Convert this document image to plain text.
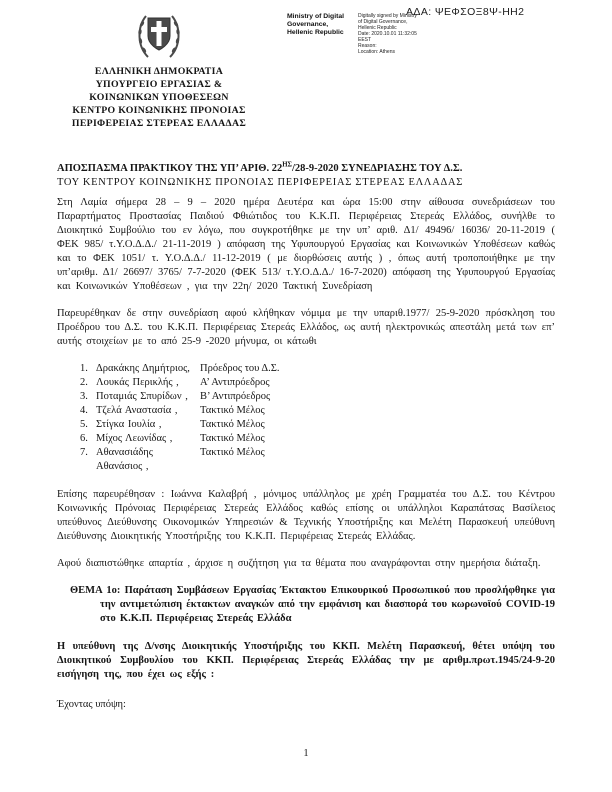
ΑΔΑ: ΨΕΦΣΟΞ8Ψ-ΗΗ2
ΕΛΛΗΝΙΚΗ ΔΗΜΟΚΡΑΤΙΑ
ΥΠΟΥΡΓΕΙΟ ΕΡΓΑΣΙΑΣ &
ΚΟΙΝΩΝΙΚΩΝ ΥΠΟΘΕΣΕΩΝ
ΚΕΝΤΡΟ ΚΟΙΝΩΝΙΚΗΣ ΠΡΟΝΟΙΑΣ
ΠΕΡΙΦΕΡΕΙΑΣ ΣΤΕΡΕΑΣ ΕΛΛΑΔΑΣ
Ministry of Digital
Governance,
Hellenic Republic
Digitally signed by Ministry
of Digital Governance,
Hellenic Republic
Date: 2020.10.01 11:32:05
EEST
Reason:
Location: Athens

ΑΠΟΣΠΑΣΜΑ ΠΡΑΚΤΙΚΟΥ ΤΗΣ ΥΠ’ ΑΡΙΘ. $22^{H\Sigma}/28-9-2020$ ΣΥΝΕΔΡΙΑΣΗΣ ΤΟΥ Δ.Σ.

ΤΟΥ ΚΕΝΤΡΟΥ ΚΟΙΝΩΝΙΚΗΣ ΠΡΟΝΟΙΑΣ ΠΕΡΙΦΕΡΕΙΑΣ ΣΤΕΡΕΑΣ ΕΛΛΑΔΑΣ

Στη Λαμία σήμερα 28 – 9 – 2020 ημέρα Δευτέρα και ώρα 15:00 στην αίθουσα συνεδριάσεων του Παραρτήματος Προστασίας Παιδιού Φθιώτιδος του Κ.Κ.Π. Περιφέρειας Στερεάς Ελλάδος, συνήλθε το Διοικητικό Συμβούλιο του εν λόγω, που συγκροτήθηκε με την υπ’ αριθ. Δ1/ 49496/ 16036/ 20-11-2019 ( ΦΕΚ 985/ τ.Υ.Ο.Δ.Δ./ 21-11-2019 ) απόφαση της Υφυπουργού Εργασίας και Κοινωνικών Υποθέσεων καθώς και το ΦΕΚ 1051/ τ. Υ.Ο.Δ.Δ./ 11-12-2019 ( με διορθώσεις αυτής ) , όπως αυτή τροποποιήθηκε με την υπ’αριθμ. Δ1/ 26697/ 3765/ 7-7-2020 (ΦΕΚ 513/ τ.Υ.Ο.Δ.Δ./ 16-7-2020) απόφαση της Υφυπουργού Εργασίας και Κοινωνικών Υποθέσεων , για την 22η/ 2020 Τακτική Συνεδρίαση

Παρευρέθηκαν δε στην συνεδρίαση αφού κλήθηκαν νόμιμα με την υπαριθ.1977/ 25-9-2020 πρόσκληση του Προέδρου του Δ.Σ. του Κ.Κ.Π. Περιφέρειας Στερεάς Ελλάδος, ως αυτή ηλεκτρονικώς απεστάλη μετά των επ’ αυτής στοιχείων με το από 25-9 -2020 μήνυμα, οι κάτωθι

1. Δρακάκης Δημήτριος, Πρόεδρος του Δ.Σ.
2. Λουκάς Περικλής ,	Α’ Αντιπρόεδρος
3. Ποταμιάς Σπυρίδων ,	Β’ Αντιπρόεδρος
4. Τζελά Αναστασία ,	Τακτικό Μέλος
5. Στίγκα Ιουλία ,	Τακτικό Μέλος
6. Μίχος Λεωνίδας ,	Τακτικό Μέλος
7. Αθανασιάδης Αθανάσιος ,
Τακτικό Μέλος

Επίσης παρευρέθησαν : Ιωάννα Καλαβρή , μόνιμος υπάλληλος με χρέη Γραμματέα του Δ.Σ. του Κέντρου Κοινωνικής Πρόνοιας Περιφέρειας Στερεάς Ελλάδος καθώς επίσης οι υπάλληλοι Καραπάτσας Βασίλειος υπεύθυνος Διεύθυνσης Οικονομικών Υπηρεσιών & Τεχνικής Υποστήριξης και Μελέτη Παρασκευή υπεύθυνη Διεύθυνσης Διοικητικής Υποστήριξης του Κ.Κ.Π. Περιφέρειας Στερεάς Ελλάδας.

Αφού διαπιστώθηκε απαρτία , άρχισε η συζήτηση για τα θέματα που αναγράφονται στην ημερήσια διάταξη.

ΘΕΜΑ 1ο: Παράταση Συμβάσεων Εργασίας Έκτακτου Επικουρικού Προσωπικού που προσλήφθηκε για την αντιμετώπιση έκτακτων αναγκών από την εμφάνιση και διασπορά του κωρωνοϊού COVID-19 στο Κ.Κ.Π. Περιφέρειας Στερεάς Ελλάδα

Η υπεύθυνη της Δ/νσης Διοικητικής Υποστήριξης του ΚΚΠ. Μελέτη Παρασκευή, θέτει υπόψη του Διοικητικού Συμβουλίου του ΚΚΠ. Περιφέρειας Στερεάς Ελλάδας την με αριθμ.πρωτ.1945/24-9-20 εισήγηση της, που έχει ως εξής :

Έχοντας υπόψη:

1
